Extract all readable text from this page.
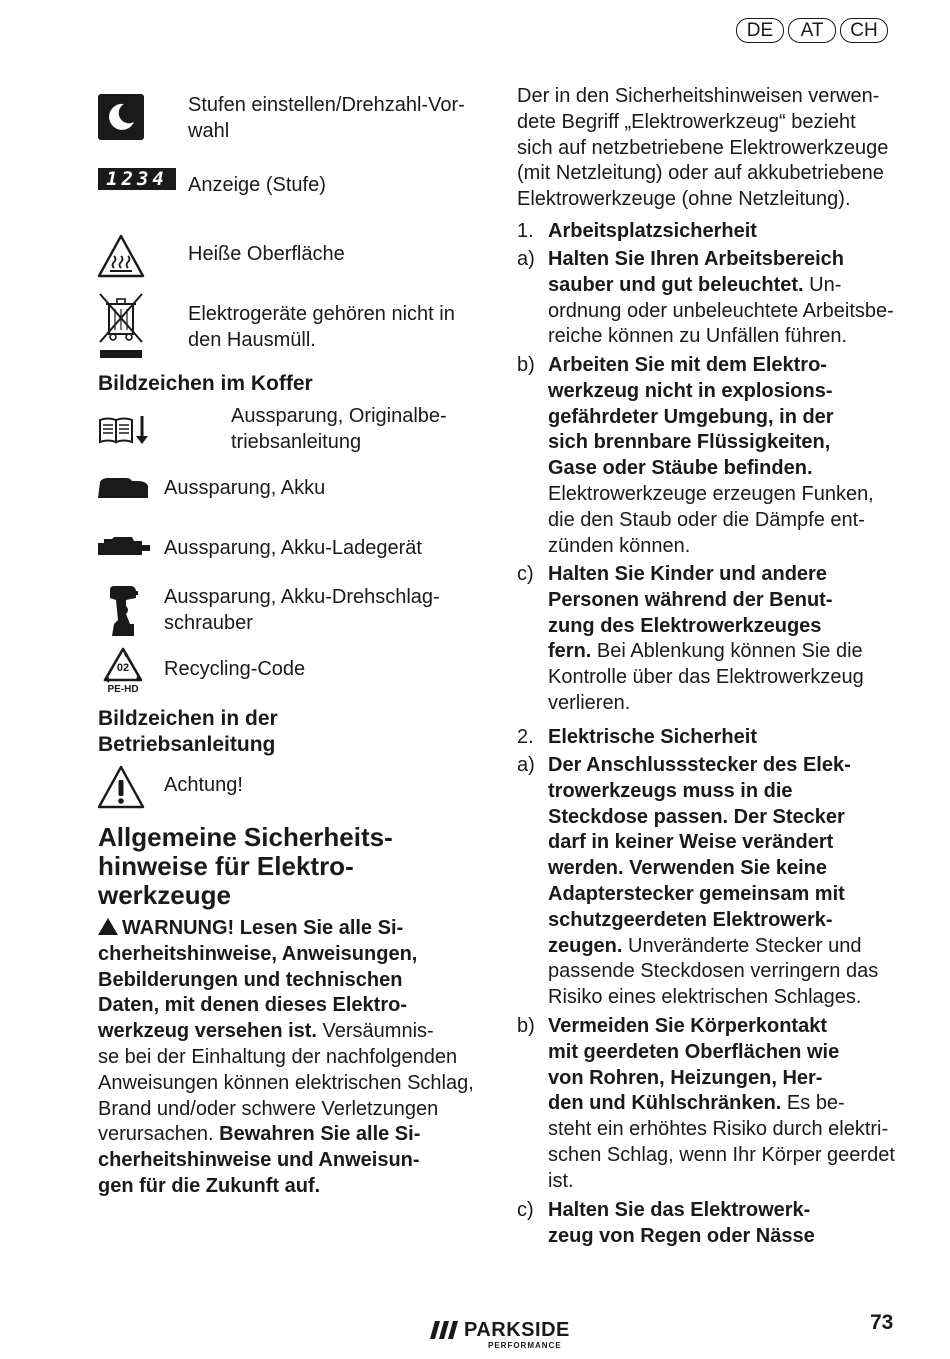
DE	AT	CH
Stufen einstellen/Drehzahl-Vor-
wahl
1234	Anzeige (Stufe)
Heiße Oberfläche
Elektrogeräte gehören nicht in
den Hausmüll.
Bildzeichen im Koffer
Aussparung, Originalbe-
triebsanleitung
Aussparung, Akku
Aussparung, Akku-Ladegerät
Aussparung, Akku-Drehschlag-
schrauber
02
PE-HD
Recycling-Code
Bildzeichen in der
Betriebsanleitung
Achtung!
Allgemeine Sicherheits-
hinweise für Elektro-
werkzeuge
WARNUNG! Lesen Sie alle Si-
cherheitshinweise, Anweisungen,
Bebilderungen und technischen
Daten, mit denen dieses Elektro-
werkzeug versehen ist. Versäumnis-
se bei der Einhaltung der nachfolgenden
Anweisungen können elektrischen Schlag,
Brand und/oder schwere Verletzungen
verursachen. Bewahren Sie alle Si-
cherheitshinweise und Anweisun-
gen für die Zukunft auf.
Der in den Sicherheitshinweisen verwen-
dete Begriff „Elektrowerkzeug“ bezieht
sich auf netzbetriebene Elektrowerkzeuge
(mit Netzleitung) oder auf akkubetriebene
Elektrowerkzeuge (ohne Netzleitung).
1. Arbeitsplatzsicherheit
a) Halten Sie Ihren Arbeitsbereich
sauber und gut beleuchtet. Un-
ordnung oder unbeleuchtete Arbeitsbe-
reiche können zu Unfällen führen.
b) Arbeiten Sie mit dem Elektro-
werkzeug nicht in explosions-
gefährdeter Umgebung, in der
sich brennbare Flüssigkeiten,
Gase oder Stäube befinden.
Elektrowerkzeuge erzeugen Funken,
die den Staub oder die Dämpfe ent-
zünden können.
c) Halten Sie Kinder und andere
Personen während der Benut-
zung des Elektrowerkzeuges
fern. Bei Ablenkung können Sie die
Kontrolle über das Elektrowerkzeug
verlieren.
2. Elektrische Sicherheit
a) Der Anschlussstecker des Elek-
trowerkzeugs muss in die
Steckdose passen. Der Stecker
darf in keiner Weise verändert
werden. Verwenden Sie keine
Adapterstecker gemeinsam mit
schutzgeerdeten Elektrowerk-
zeugen. Unveränderte Stecker und
passende Steckdosen verringern das
Risiko eines elektrischen Schlages.
b) Vermeiden Sie Körperkontakt
mit geerdeten Oberflächen wie
von Rohren, Heizungen, Her-
den und Kühlschränken. Es be-
steht ein erhöhtes Risiko durch elektri-
schen Schlag, wenn Ihr Körper geerdet
ist.
c) Halten Sie das Elektrowerk-
zeug von Regen oder Nässe
PARKSIDE
PERFORMANCE
73
